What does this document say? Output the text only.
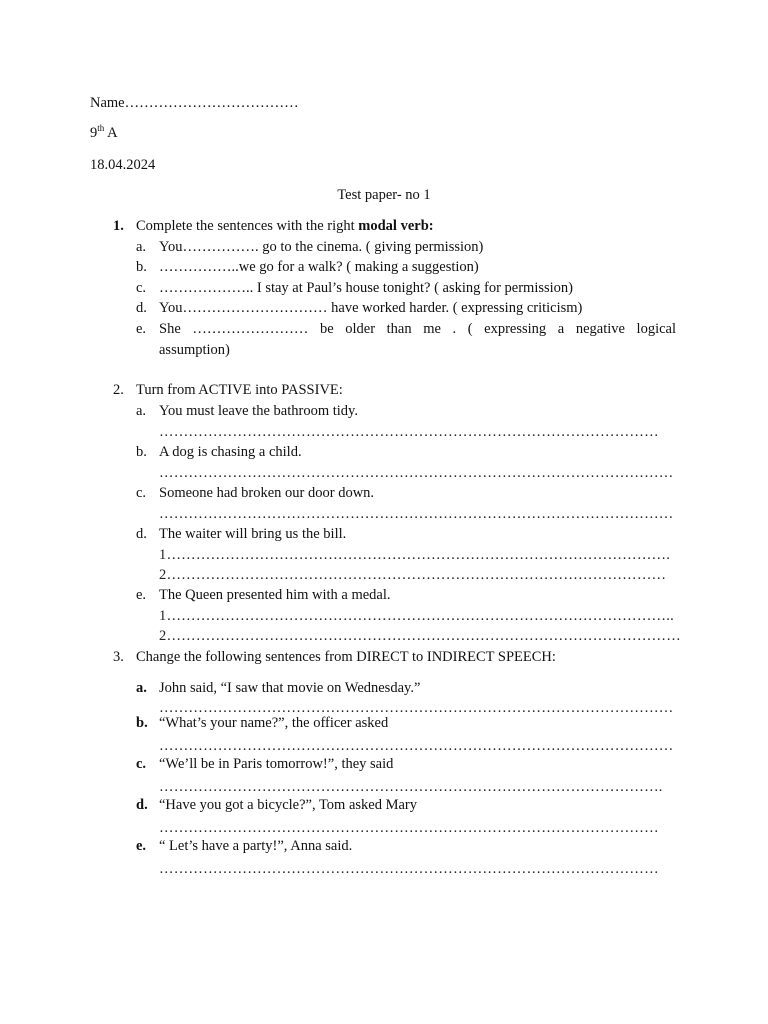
Name………………………………
9th A
18.04.2024
Test paper- no 1
1. Complete the sentences with the right modal verb:
a. You……………. go to the cinema. ( giving permission)
b. ……………..we go for a walk? ( making a suggestion)
c. ……………….. I stay at Paul’s house tonight? ( asking for permission)
d. You………………………… have worked harder. ( expressing criticism)
e. She …………………… be older than me . ( expressing a negative logical
assumption)
2. Turn from ACTIVE into PASSIVE:
a. You must leave the bathroom tidy.
…………………………………………………………………………………………
b. A dog is chasing a child.
……………………………………………………………………………………………
c. Someone had broken our door down.
……………………………………………………………………………………………
d. The waiter will bring us the bill.
1………………………………………………………………………………………….
2…………………………………………………………………………………………
e. The Queen presented him with a medal.
1…………………………………………………………………………………………..
2……………………………………………………………………………………………
3. Change the following sentences from DIRECT to INDIRECT SPEECH:
a. John said, “I saw that movie on Wednesday.”
……………………………………………………………………………………………
b. “What’s your name?”, the officer asked
……………………………………………………………………………………………
c. “We’ll be in Paris tomorrow!”, they said
………………………………………………………………………………………….
d. “Have you got a bicycle?”, Tom asked Mary
…………………………………………………………………………………………
e. “ Let’s have a party!”, Anna said.
…………………………………………………………………………………………
